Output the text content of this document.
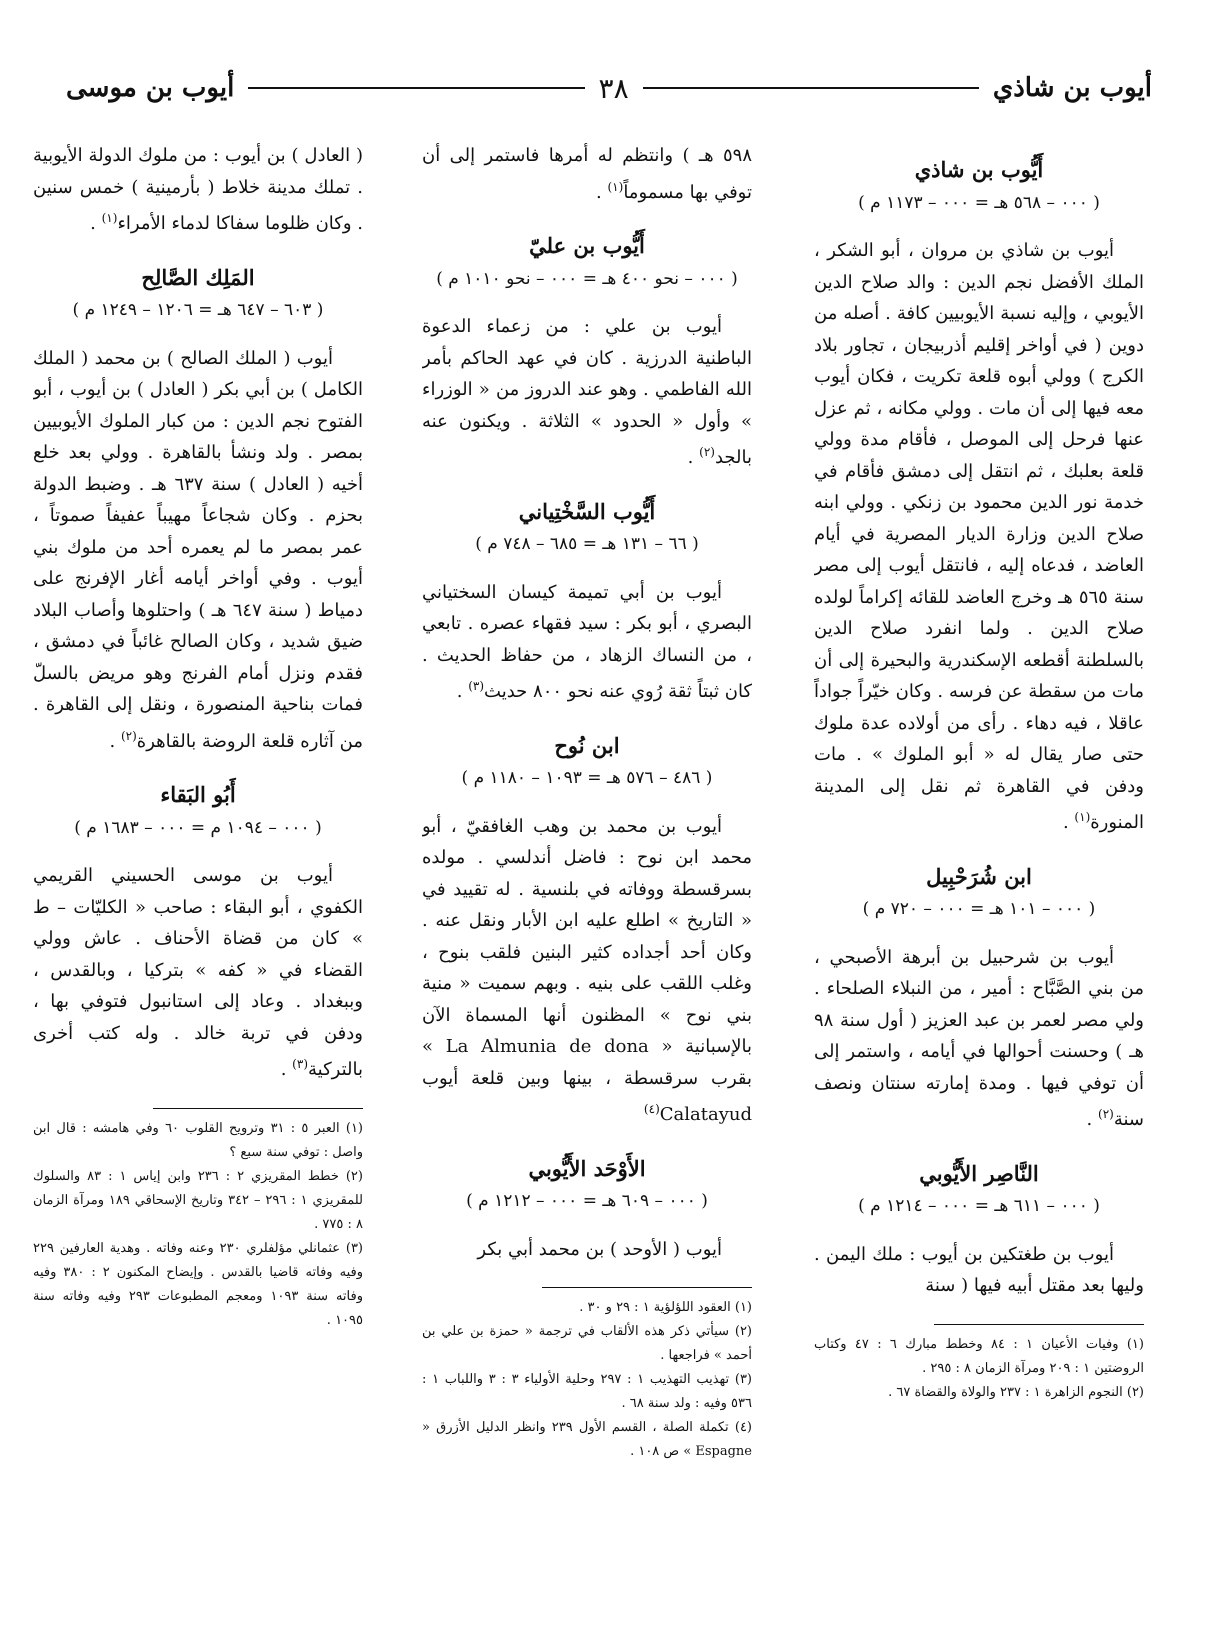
أيوب بن شاذي
٣٨
أيوب بن موسى
أَيُّوب بن شاذي
( ٠٠٠ – ٥٦٨ هـ = ٠٠٠ – ١١٧٣ م )

أيوب بن شاذي بن مروان ، أبو الشكر ، الملك الأفضل نجم الدين : والد صلاح الدين الأيوبي ، وإليه نسبة الأيوبيين كافة . أصله من دوين ( في أواخر إقليم أذربيجان ، تجاور بلاد الكرج ) وولي أبوه قلعة تكريت ، فكان أيوب معه فيها إلى أن مات . وولي مكانه ، ثم عزل عنها فرحل إلى الموصل ، فأقام مدة وولي قلعة بعلبك ، ثم انتقل إلى دمشق فأقام في خدمة نور الدين محمود بن زنكي . وولي ابنه صلاح الدين وزارة الديار المصرية في أيام العاضد ، فدعاه إليه ، فانتقل أيوب إلى مصر سنة ٥٦٥ هـ وخرج العاضد للقائه إكراماً لولده صلاح الدين . ولما انفرد صلاح الدين بالسلطنة أقطعه الإسكندرية والبحيرة إلى أن مات من سقطة عن فرسه . وكان خيّراً جواداً عاقلا ، فيه دهاء . رأى من أولاده عدة ملوك حتى صار يقال له « أبو الملوك » . مات ودفن في القاهرة ثم نقل إلى المدينة المنورة$^{(١)}$ .

ابن شُرَحْبِيل
( ٠٠٠ – ١٠١ هـ = ٠٠٠ – ٧٢٠ م )

أيوب بن شرحبيل بن أبرهة الأصبحي ، من بني الصَّبَّاح : أمير ، من النبلاء الصلحاء . ولي مصر لعمر بن عبد العزيز ( أول سنة ٩٨ هـ ) وحسنت أحوالها في أيامه ، واستمر إلى أن توفي فيها . ومدة إمارته سنتان ونصف سنة$^{(٢)}$ .

النَّاصِر الأَيُّوبي
( ٠٠٠ – ٦١١ هـ = ٠٠٠ – ١٢١٤ م )

أيوب بن طغتكين بن أيوب : ملك اليمن . وليها بعد مقتل أبيه فيها ( سنة

(١) وفيات الأعيان ١ : ٨٤ وخطط مبارك ٦ : ٤٧ وكتاب الروضتين ١ : ٢٠٩ ومرآة الزمان ٨ : ٢٩٥ .
(٢) النجوم الزاهرة ١ : ٢٣٧ والولاة والقضاة ٦٧ .

٥٩٨ هـ ) وانتظم له أمرها فاستمر إلى أن توفي بها مسموماً$^{(١)}$ .

أَيُّوب بن عليّ
( ٠٠٠ – نحو ٤٠٠ هـ = ٠٠٠ – نحو ١٠١٠ م )

أيوب بن علي : من زعماء الدعوة الباطنية الدرزية . كان في عهد الحاكم بأمر الله الفاطمي . وهو عند الدروز من « الوزراء » وأول « الحدود » الثلاثة . ويكنون عنه بالجد$^{(٢)}$ .

أَيُّوب السَّخْتِياني
( ٦٦ – ١٣١ هـ = ٦٨٥ – ٧٤٨ م )

أيوب بن أبي تميمة كيسان السختياني البصري ، أبو بكر : سيد فقهاء عصره . تابعي ، من النساك الزهاد ، من حفاظ الحديث . كان ثبتاً ثقة رُوي عنه نحو ٨٠٠ حديث$^{(٣)}$ .

ابن نُوح
( ٤٨٦ – ٥٧٦ هـ = ١٠٩٣ – ١١٨٠ م )

أيوب بن محمد بن وهب الغافقيّ ، أبو محمد ابن نوح : فاضل أندلسي . مولده بسرقسطة ووفاته في بلنسية . له تقييد في « التاريخ » اطلع عليه ابن الأبار ونقل عنه . وكان أحد أجداده كثير البنين فلقب بنوح ، وغلب اللقب على بنيه . وبهم سميت « منية بني نوح » المظنون أنها المسماة الآن بالإسبانية « La Almunia de dona » بقرب سرقسطة ، بينها وبين قلعة أيوب Calatayud$^{(٤)}$

الأَوْحَد الأَيُّوبي
( ٠٠٠ – ٦٠٩ هـ = ٠٠٠ – ١٢١٢ م )

أيوب ( الأوحد ) بن محمد أبي بكر

(١) العقود اللؤلؤية ١ : ٢٩ و ٣٠ .
(٢) سيأتي ذكر هذه الألقاب في ترجمة « حمزة بن علي بن أحمد » فراجعها .
(٣) تهذيب التهذيب ١ : ٢٩٧ وحلية الأولياء ٣ : ٣ واللباب ١ : ٥٣٦ وفيه : ولد سنة ٦٨ .
(٤) تكملة الصلة ، القسم الأول ٢٣٩ وانظر الدليل الأزرق « Espagne » ص ١٠٨ .

( العادل ) بن أيوب : من ملوك الدولة الأيوبية . تملك مدينة خلاط ( بأرمينية ) خمس سنين . وكان ظلوما سفاكا لدماء الأمراء$^{(١)}$ .

المَلِك الصَّالِح
( ٦٠٣ – ٦٤٧ هـ = ١٢٠٦ – ١٢٤٩ م )

أيوب ( الملك الصالح ) بن محمد ( الملك الكامل ) بن أبي بكر ( العادل ) بن أيوب ، أبو الفتوح نجم الدين : من كبار الملوك الأيوبيين بمصر . ولد ونشأ بالقاهرة . وولي بعد خلع أخيه ( العادل ) سنة ٦٣٧ هـ . وضبط الدولة بحزم . وكان شجاعاً مهيباً عفيفاً صموتاً ، عمر بمصر ما لم يعمره أحد من ملوك بني أيوب . وفي أواخر أيامه أغار الإفرنج على دمياط ( سنة ٦٤٧ هـ ) واحتلوها وأصاب البلاد ضيق شديد ، وكان الصالح غائباً في دمشق ، فقدم ونزل أمام الفرنج وهو مريض بالسلّ فمات بناحية المنصورة ، ونقل إلى القاهرة . من آثاره قلعة الروضة بالقاهرة$^{(٢)}$ .

أَبُو البَقاء
( ٠٠٠ – ١٠٩٤ م = ٠٠٠ – ١٦٨٣ م )

أيوب بن موسى الحسيني القريمي الكفوي ، أبو البقاء : صاحب « الكليّات – ط » كان من قضاة الأحناف . عاش وولي القضاء في « كفه » بتركيا ، وبالقدس ، وببغداد . وعاد إلى استانبول فتوفي بها ، ودفن في تربة خالد . وله كتب أخرى بالتركية$^{(٣)}$ .

(١) العبر ٥ : ٣١ وترويح القلوب ٦٠ وفي هامشه : قال ابن واصل : توفي سنة سبع ؟
(٢) خطط المقريزي ٢ : ٢٣٦ وابن إياس ١ : ٨٣ والسلوك للمقريزي ١ : ٢٩٦ – ٣٤٢ وتاريخ الإسحاقي ١٨٩ ومرآة الزمان ٨ : ٧٧٥ .
(٣) عثمانلي مؤلفلري ٢٣٠ وعنه وفاته . وهدية العارفين ٢٢٩ وفيه وفاته قاضيا بالقدس . وإيضاح المكنون ٢ : ٣٨٠ وفيه وفاته سنة ١٠٩٣ ومعجم المطبوعات ٢٩٣ وفيه وفاته سنة ١٠٩٥ .
